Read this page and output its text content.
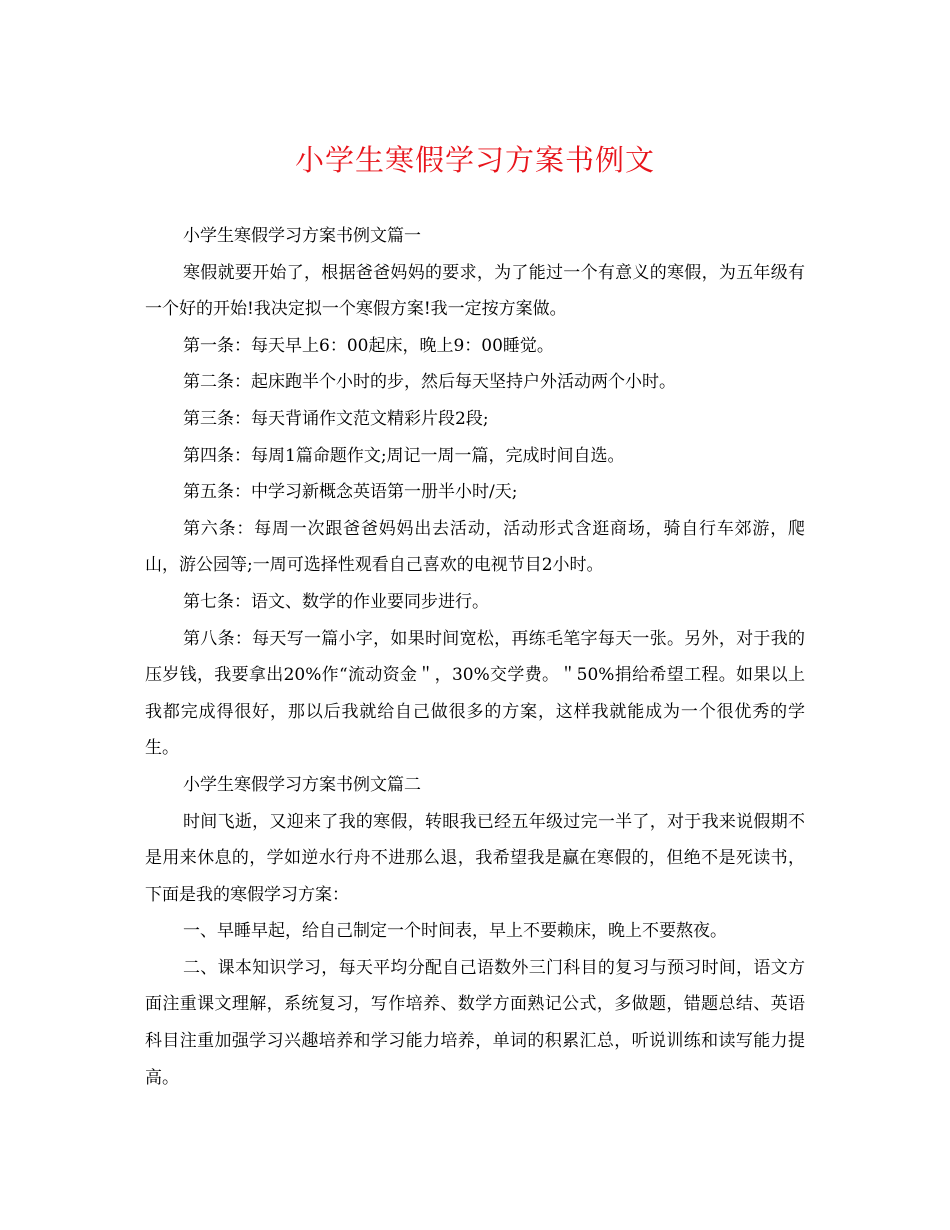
小学生寒假学习方案书例文

小学生寒假学习方案书例文篇一

寒假就要开始了，根据爸爸妈妈的要求，为了能过一个有意义的寒假，为五年级有一个好的开始!我决定拟一个寒假方案!我一定按方案做。

第一条：每天早上6：00起床，晚上9：00睡觉。

第二条：起床跑半个小时的步，然后每天坚持户外活动两个小时。

第三条：每天背诵作文范文精彩片段2段;

第四条：每周1篇命题作文;周记一周一篇，完成时间自选。

第五条：中学习新概念英语第一册半小时/天;

第六条：每周一次跟爸爸妈妈出去活动，活动形式含逛商场，骑自行车郊游，爬山，游公园等;一周可选择性观看自己喜欢的电视节目2小时。

第七条：语文、数学的作业要同步进行。

第八条：每天写一篇小字，如果时间宽松，再练毛笔字每天一张。另外，对于我的压岁钱，我要拿出20%作“流动资金＂，30%交学费。＂50%捐给希望工程。如果以上我都完成得很好，那以后我就给自己做很多的方案，这样我就能成为一个很优秀的学生。

小学生寒假学习方案书例文篇二

时间飞逝，又迎来了我的寒假，转眼我已经五年级过完一半了，对于我来说假期不是用来休息的，学如逆水行舟不进那么退，我希望我是赢在寒假的，但绝不是死读书，下面是我的寒假学习方案：

一、早睡早起，给自己制定一个时间表，早上不要赖床，晚上不要熬夜。

二、课本知识学习，每天平均分配自己语数外三门科目的复习与预习时间，语文方面注重课文理解，系统复习，写作培养、数学方面熟记公式，多做题，错题总结、英语科目注重加强学习兴趣培养和学习能力培养，单词的积累汇总，听说训练和读写能力提高。
